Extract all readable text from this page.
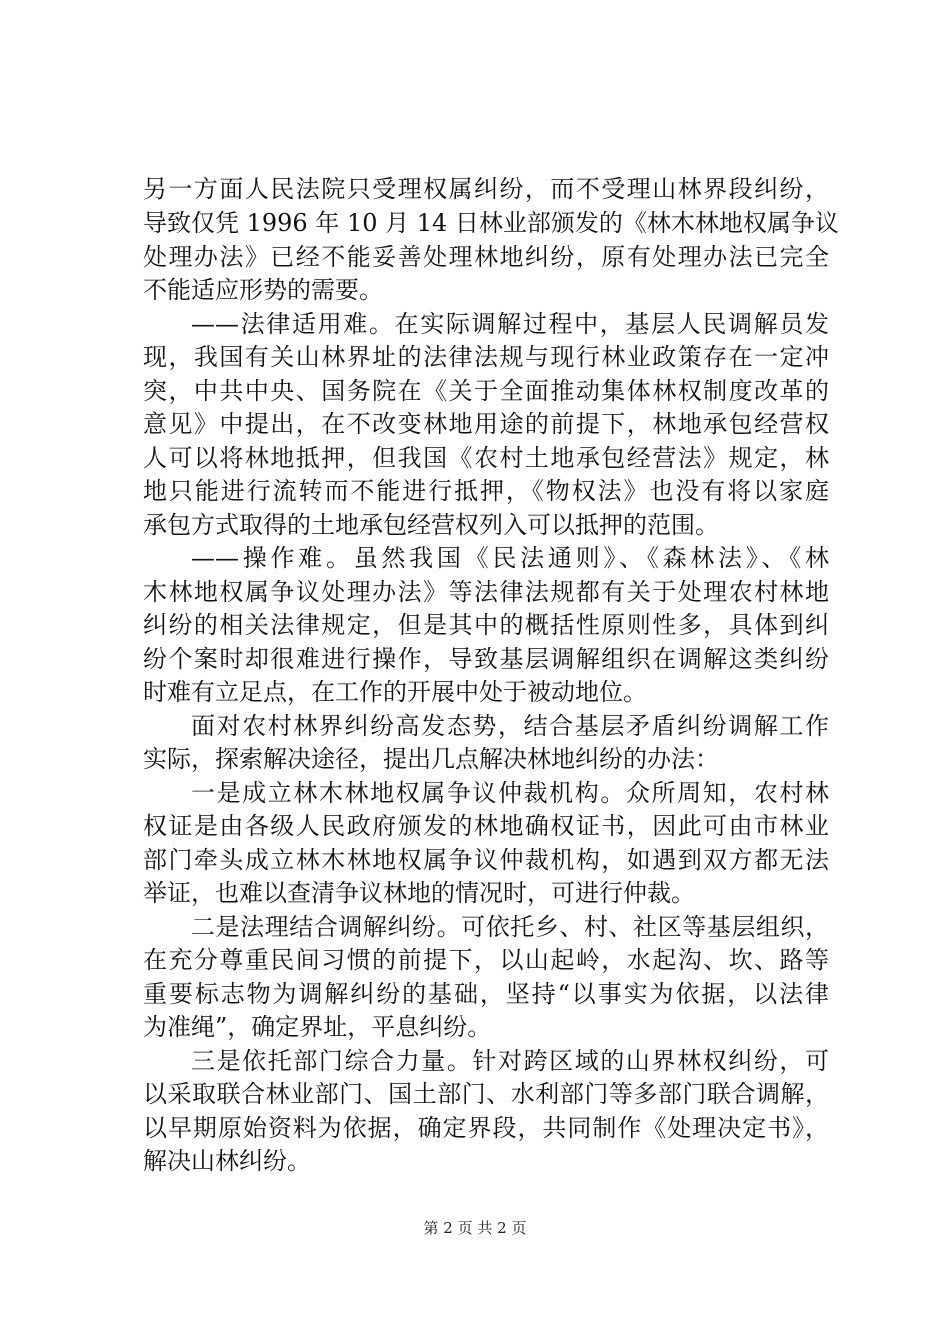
另一方面人民法院只受理权属纠纷，而不受理山林界段纠纷，
导致仅凭 1996 年 10 月 14 日林业部颁发的《林木林地权属争议
处理办法》已经不能妥善处理林地纠纷，原有处理办法已完全
不能适应形势的需要。
——法律适用难。在实际调解过程中，基层人民调解员发
现，我国有关山林界址的法律法规与现行林业政策存在一定冲
突，中共中央、国务院在《关于全面推动集体林权制度改革的
意见》中提出，在不改变林地用途的前提下，林地承包经营权
人可以将林地抵押，但我国《农村土地承包经营法》规定，林
地只能进行流转而不能进行抵押，《物权法》也没有将以家庭
承包方式取得的土地承包经营权列入可以抵押的范围。
——操作难。虽然我国《民法通则》、《森林法》、《林
木林地权属争议处理办法》等法律法规都有关于处理农村林地
纠纷的相关法律规定，但是其中的概括性原则性多，具体到纠
纷个案时却很难进行操作，导致基层调解组织在调解这类纠纷
时难有立足点，在工作的开展中处于被动地位。
面对农村林界纠纷高发态势，结合基层矛盾纠纷调解工作
实际，探索解决途径，提出几点解决林地纠纷的办法：
一是成立林木林地权属争议仲裁机构。众所周知，农村林
权证是由各级人民政府颁发的林地确权证书，因此可由市林业
部门牵头成立林木林地权属争议仲裁机构，如遇到双方都无法
举证，也难以查清争议林地的情况时，可进行仲裁。
二是法理结合调解纠纷。可依托乡、村、社区等基层组织，
在充分尊重民间习惯的前提下，以山起岭，水起沟、坎、路等
重要标志物为调解纠纷的基础，坚持“以事实为依据，以法律
为准绳”，确定界址，平息纠纷。
三是依托部门综合力量。针对跨区域的山界林权纠纷，可
以采取联合林业部门、国土部门、水利部门等多部门联合调解，
以早期原始资料为依据，确定界段，共同制作《处理决定书》，
解决山林纠纷。
第 2 页 共 2 页
